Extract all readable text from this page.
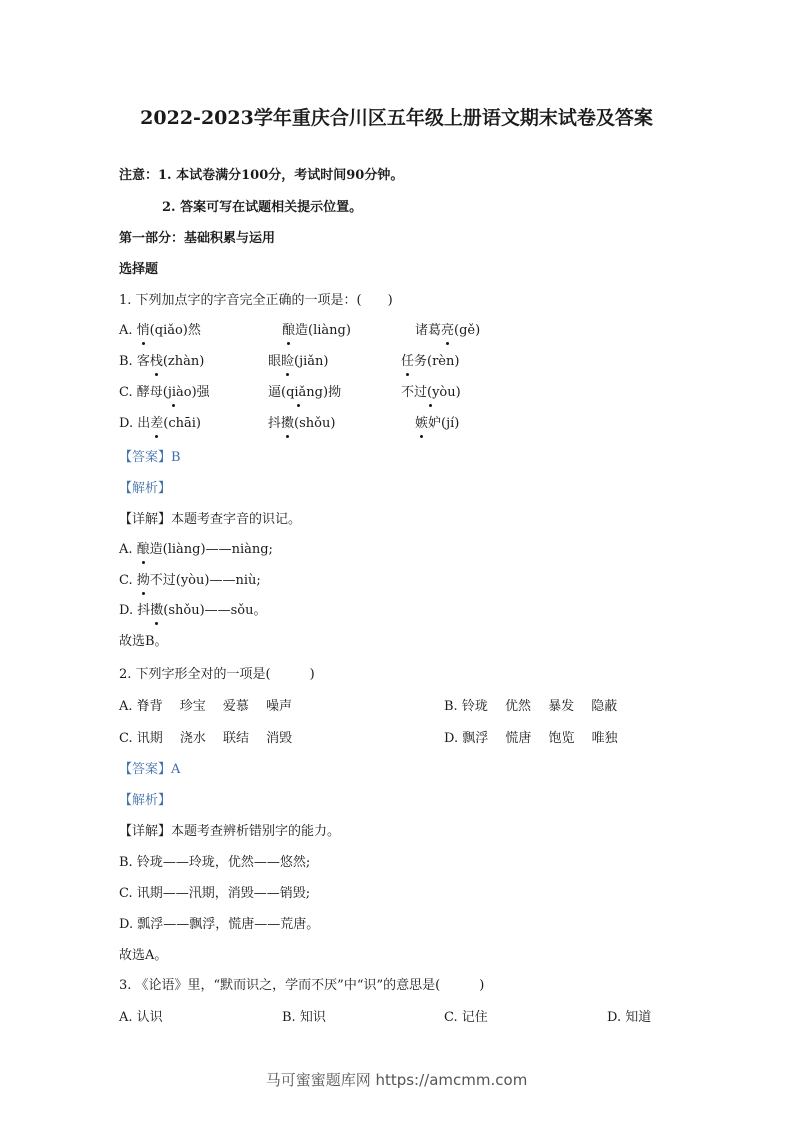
2022-2023学年重庆合川区五年级上册语文期末试卷及答案
注意：1. 本试卷满分100分，考试时间90分钟。
2. 答案可写在试题相关提示位置。
第一部分：基础积累与运用
选择题
1. 下列加点字的字音完全正确的一项是：(　　)
A. 悄(qiǎo)然	酿造(liàng)	诸葛亮(gě)
B. 客栈(zhàn)	眼睑(jiǎn)	任务(rèn)
C. 酵母(jiào)强	逼(qiǎng)拗	不过(yòu)
D. 出差(chāi)	抖擞(shǒu)	嫉妒(jí)
【答案】B
【解析】
【详解】本题考查字音的识记。
A. 酿造(liàng)——niàng;
C. 拗不过(yòu)——niù;
D. 抖擞(shǒu)——sǒu。
故选B。
2. 下列字形全对的一项是(　　　)
A. 脊背　 珍宝　 爱慕　 噪声	B. 铃珑　 优然　 暴发　 隐蔽
C. 讯期　 浇水　 联结　 消毁	D. 飘浮　 慌唐　 饱览　 唯独
【答案】A
【解析】
【详解】本题考查辨析错别字的能力。
B. 铃珑——玲珑，优然——悠然;
C. 讯期——汛期，消毁——销毁;
D. 瓢浮——飘浮，慌唐——荒唐。
故选A。
3. 《论语》里，“默而识之，学而不厌”中“识”的意思是(　　　)
A. 认识	B. 知识	C. 记住	D. 知道
马可蜜蜜题库网 https://amcmm.com
